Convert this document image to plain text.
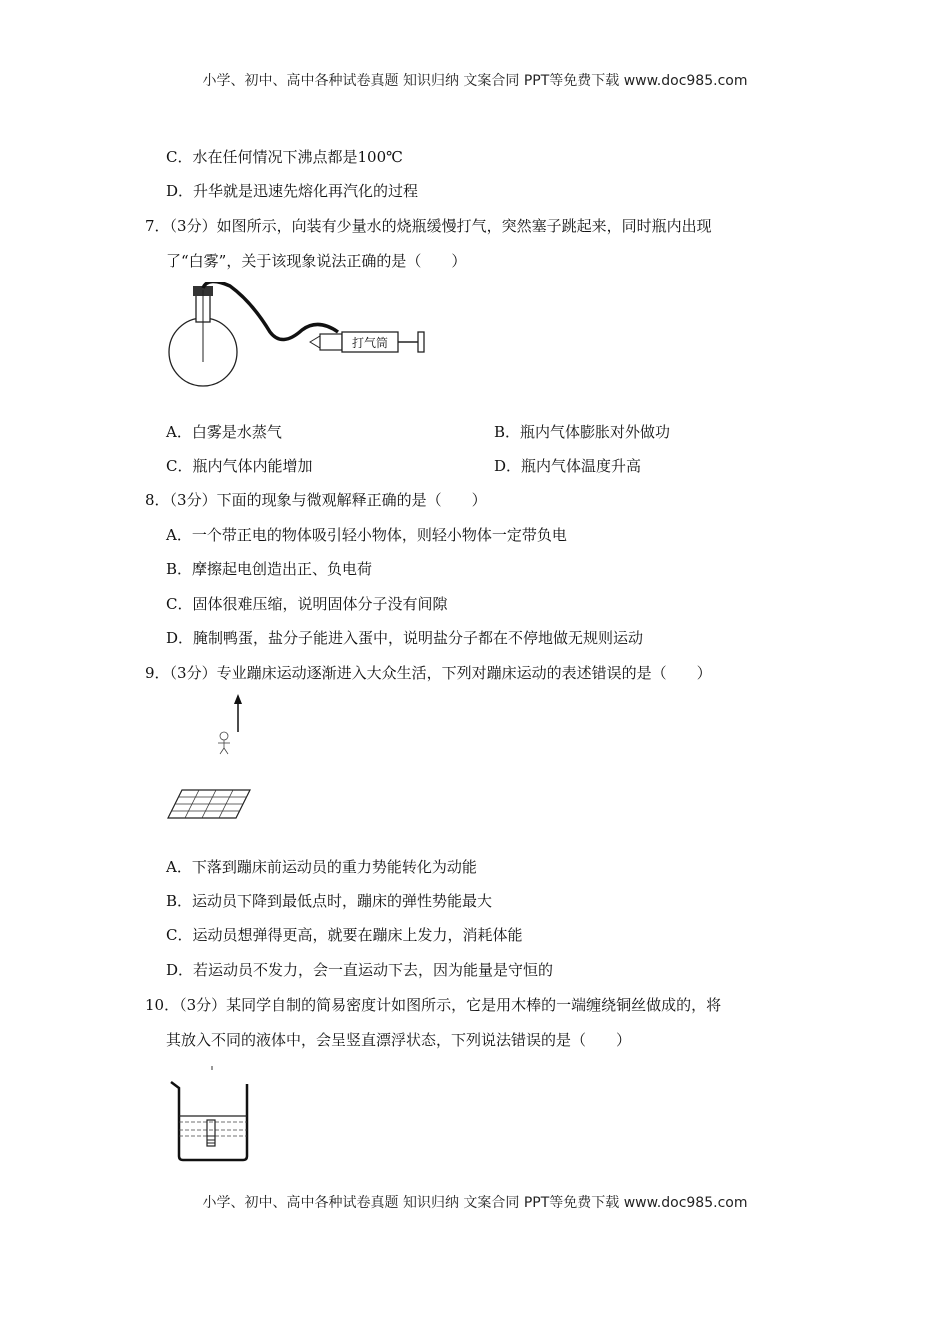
小学、初中、高中各种试卷真题 知识归纳 文案合同 PPT等免费下载 www.doc985.com
C．水在任何情况下沸点都是100℃
D．升华就是迅速先熔化再汽化的过程
7．（3分）如图所示，向装有少量水的烧瓶缓慢打气，突然塞子跳起来，同时瓶内出现
了“白雾”，关于该现象说法正确的是（　　）
打气筒
A．白雾是水蒸气	B．瓶内气体膨胀对外做功
C．瓶内气体内能增加	D．瓶内气体温度升高
8．（3分）下面的现象与微观解释正确的是（　　）
A．一个带正电的物体吸引轻小物体，则轻小物体一定带负电
B．摩擦起电创造出正、负电荷
C．固体很难压缩，说明固体分子没有间隙
D．腌制鸭蛋，盐分子能进入蛋中，说明盐分子都在不停地做无规则运动
9．（3分）专业蹦床运动逐渐进入大众生活，下列对蹦床运动的表述错误的是（　　）
A．下落到蹦床前运动员的重力势能转化为动能
B．运动员下降到最低点时，蹦床的弹性势能最大
C．运动员想弹得更高，就要在蹦床上发力，消耗体能
D．若运动员不发力，会一直运动下去，因为能量是守恒的
10．（3分）某同学自制的简易密度计如图所示，它是用木棒的一端缠绕铜丝做成的，将
其放入不同的液体中，会呈竖直漂浮状态，下列说法错误的是（　　）
小学、初中、高中各种试卷真题 知识归纳 文案合同 PPT等免费下载 www.doc985.com
